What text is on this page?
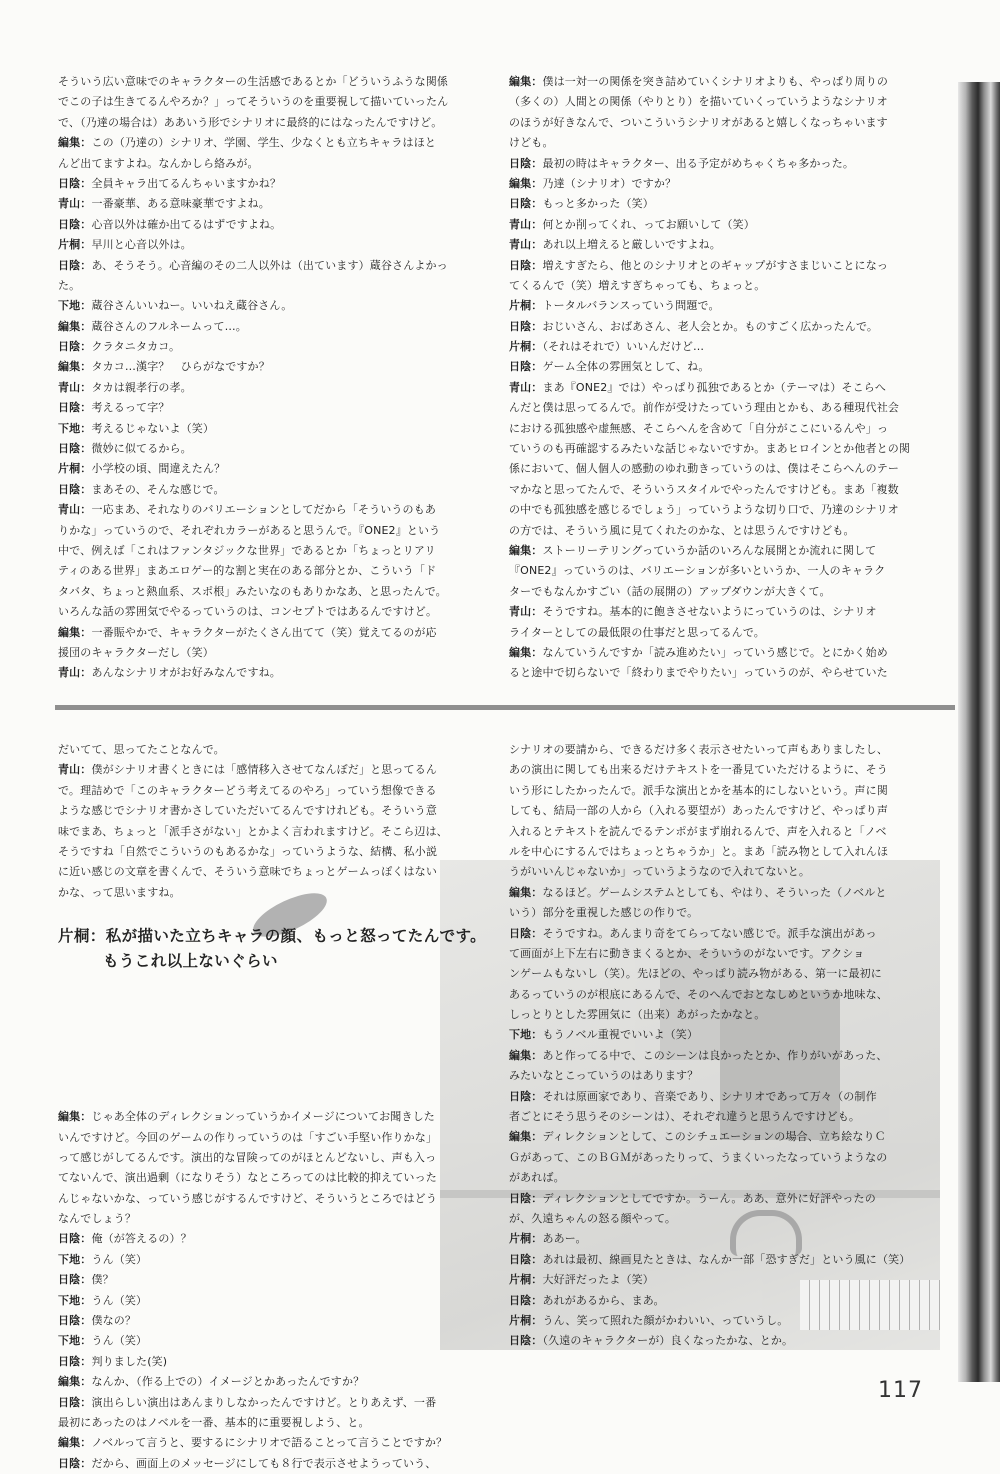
そういう広い意味でのキャラクターの生活感であるとか「どういうふうな関係
でこの子は生きてるんやろか？」ってそういうのを重要視して描いていったん
で、（乃達の場合は）ああいう形でシナリオに最終的にはなったんですけど。
編集：この（乃達の）シナリオ、学園、学生、少なくとも立ちキャラはほと
んど出てますよね。なんかしら絡みが。
日陰：全員キャラ出てるんちゃいますかね？
青山：一番豪華、ある意味豪華ですよね。
日陰：心音以外は確か出てるはずですよね。
片桐：早川と心音以外は。
日陰：あ、そうそう。心音編のその二人以外は（出ています）蔵谷さんよかっ
た。
下地：蔵谷さんいいねー。いいねえ蔵谷さん。
編集：蔵谷さんのフルネームって…。
日陰：クラタニタカコ。
編集：タカコ…漢字？　ひらがなですか？
青山：タカは親孝行の孝。
日陰：考えるって字？
下地：考えるじゃないよ（笑）
日陰：微妙に似てるから。
片桐：小学校の頃、間違えたん？
日陰：まあその、そんな感じで。
青山：一応まあ、それなりのバリエーションとしてだから「そういうのもあ
りかな」っていうので、それぞれカラーがあると思うんで。『ONE2』という
中で、例えば「これはファンタジックな世界」であるとか「ちょっとリアリ
ティのある世界」まあエロゲー的な割と実在のある部分とか、こういう「ド
タバタ、ちょっと熱血系、スポ根」みたいなのもありかなあ、と思ったんで。
いろんな話の雰囲気でやるっていうのは、コンセプトではあるんですけど。
編集：一番賑やかで、キャラクターがたくさん出てて（笑）覚えてるのが応
援団のキャラクターだし（笑）
青山：あんなシナリオがお好みなんですね。
編集：僕は一対一の関係を突き詰めていくシナリオよりも、やっぱり周りの
（多くの）人間との関係（やりとり）を描いていくっていうようなシナリオ
のほうが好きなんで、ついこういうシナリオがあると嬉しくなっちゃいます
けども。
日陰：最初の時はキャラクター、出る予定がめちゃくちゃ多かった。
編集：乃達（シナリオ）ですか？
日陰：もっと多かった（笑）
青山：何とか削ってくれ、ってお願いして（笑）
青山：あれ以上増えると厳しいですよね。
日陰：増えすぎたら、他とのシナリオとのギャップがすさまじいことになっ
てくるんで（笑）増えすぎちゃっても、ちょっと。
片桐：トータルバランスっていう問題で。
日陰：おじいさん、おばあさん、老人会とか。ものすごく広かったんで。
片桐：（それはそれで）いいんだけど…
日陰：ゲーム全体の雰囲気として、ね。
青山：まあ『ONE2』では）やっぱり孤独であるとか（テーマは）そこらへ
んだと僕は思ってるんで。前作が受けたっていう理由とかも、ある種現代社会
における孤独感や虚無感、そこらへんを含めて「自分がここにいるんや」っ
ていうのも再確認するみたいな話じゃないですか。まあヒロインとか他者との関
係において、個人個人の感動のゆれ動きっていうのは、僕はそこらへんのテー
マかなと思ってたんで、そういうスタイルでやったんですけども。まあ「複数
の中でも孤独感を感じるでしょう」っていうような切り口で、乃達のシナリオ
の方では、そういう風に見てくれたのかな、とは思うんですけども。
編集：ストーリーテリングっていうか話のいろんな展開とか流れに関して
『ONE2』っていうのは、バリエーションが多いというか、一人のキャラク
ターでもなんかすごい（話の展開の）アップダウンが大きくて。
青山：そうですね。基本的に飽きさせないようにっていうのは、シナリオ
ライターとしての最低限の仕事だと思ってるんで。
編集：なんていうんですか「読み進めたい」っていう感じで。とにかく始め
ると途中で切らないで「終わりまでやりたい」っていうのが、やらせていた
だいてて、思ってたことなんで。
青山：僕がシナリオ書くときには「感情移入させてなんぼだ」と思ってるん
で。理詰めで「このキャラクターどう考えてるのやろ」っていう想像できる
ような感じでシナリオ書かさしていただいてるんですけれども。そういう意
味でまあ、ちょっと「派手さがない」とかよく言われますけど。そこら辺は、
そうですね「自然でこういうのもあるかな」っていうような、結構、私小説
に近い感じの文章を書くんで、そういう意味でちょっとゲームっぽくはない
かな、って思いますね。
編集：じゃあ全体のディレクションっていうかイメージについてお聞きした
いんですけど。今回のゲームの作りっていうのは「すごい手堅い作りかな」
って感じがしてるんです。演出的な冒険ってのがほとんどないし、声も入っ
てないんで、演出過剰（になりそう）なところってのは比較的抑えていった
んじゃないかな、っていう感じがするんですけど、そういうところではどう
なんでしょう？
日陰：俺（が答えるの）？
下地：うん（笑）
日陰：僕？
下地：うん（笑）
日陰：僕なの？
下地：うん（笑）
日陰：判りました(笑)
編集：なんか、（作る上での）イメージとかあったんですか？
日陰：演出らしい演出はあんまりしなかったんですけど。とりあえず、一番
最初にあったのはノベルを一番、基本的に重要視しよう、と。
編集：ノベルって言うと、要するにシナリオで語ることって言うことですか？
日陰：だから、画面上のメッセージにしても８行で表示させようっていう、
片桐：私が描いた立ちキャラの顔、もっと怒ってたんです。
もうこれ以上ないぐらい
シナリオの要請から、できるだけ多く表示させたいって声もありましたし、
あの演出に関しても出来るだけテキストを一番見ていただけるように、そう
いう形にしたかったんで。派手な演出とかを基本的にしないという。声に関
しても、結局一部の人から（入れる要望が）あったんですけど、やっぱり声
入れるとテキストを読んでるテンポがまず崩れるんで、声を入れると「ノベ
ルを中心にするんではちょっとちゃうか」と。まあ「読み物として入れんほ
うがいいんじゃないか」っていうようなので入れてないと。
編集：なるほど。ゲームシステムとしても、やはり、そういった（ノベルと
いう）部分を重視した感じの作りで。
日陰：そうですね。あんまり奇をてらってない感じで。派手な演出があっ
て画面が上下左右に動きまくるとか、そういうのがないです。アクショ
ンゲームもないし（笑）。先ほどの、やっぱり読み物がある、第一に最初に
あるっていうのが根底にあるんで、そのへんでおとなしめというか地味な、
しっとりとした雰囲気に（出来）あがったかなと。
下地：もうノベル重視でいいよ（笑）
編集：あと作ってる中で、このシーンは良かったとか、作りがいがあった、
みたいなとこっていうのはあります？
日陰：それは原画家であり、音楽であり、シナリオであって万々（の制作
者ごとにそう思うそのシーンは）、それぞれ違うと思うんですけども。
編集：ディレクションとして、このシチュエーションの場合、立ち絵なりＣ
Ｇがあって、このＢＧＭがあったりって、うまくいったなっていうようなの
があれば。
日陰：ディレクションとしてですか。うーん。ああ、意外に好評やったの
が、久遠ちゃんの怒る顔やって。
片桐：ああー。
日陰：あれは最初、線画見たときは、なんか一部「恐すぎだ」という風に（笑）
片桐：大好評だったよ（笑）
日陰：あれがあるから、まあ。
片桐：うん、笑って照れた顔がかわいい、っていうし。
日陰：（久遠のキャラクターが）良くなったかな、とか。
117
